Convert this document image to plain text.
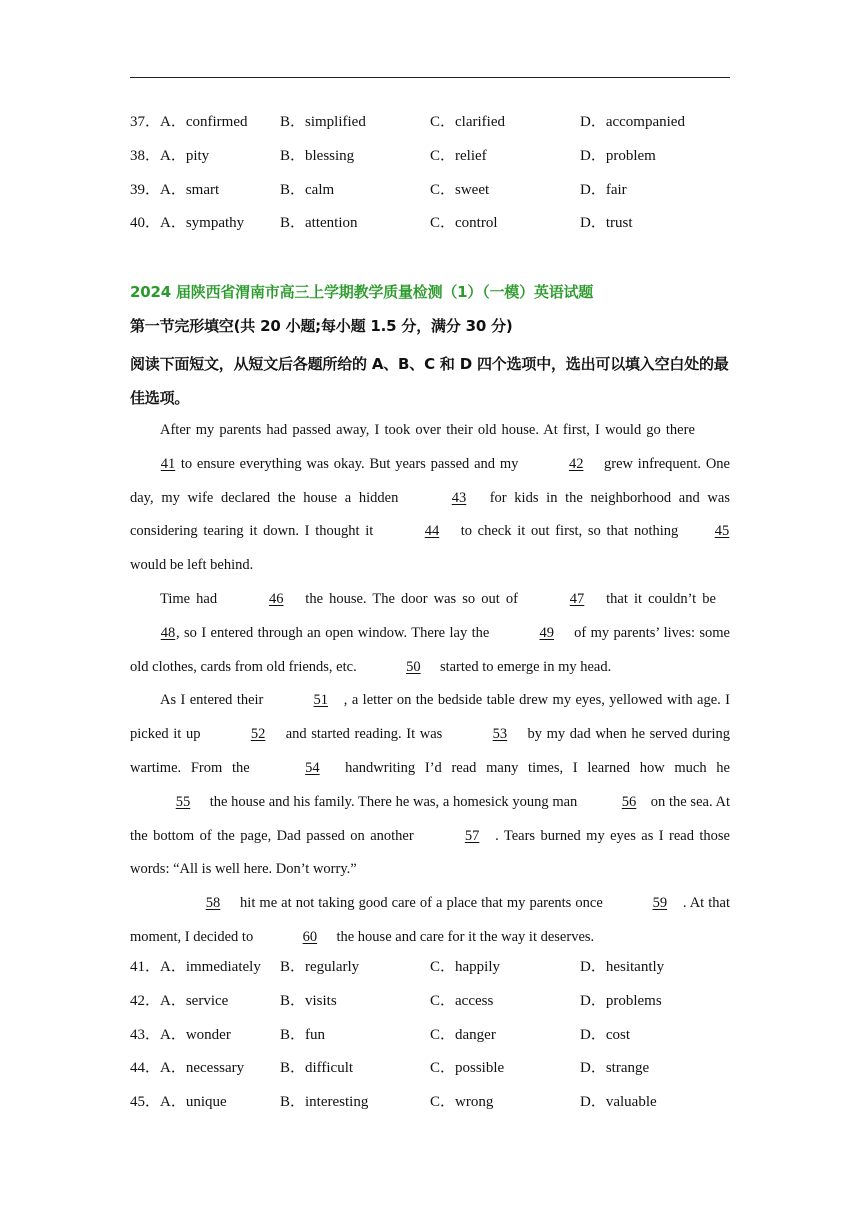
37．A．confirmed B．simplified	C．clarified	D．accompanied
38．A．pity	B．blessing	C．relief	D．problem
39．A．smart	B．calm	C．sweet	D．fair
40．A．sympathy B．attention	C．control	D．trust
2024 届陕西省渭南市高三上学期教学质量检测（1）（一模）英语试题
第一节完形填空(共 20 小题;每小题 1.5 分，满分 30 分)
阅读下面短文，从短文后各题所给的 A、B、C 和 D 四个选项中，选出可以填入空白处的最佳选项。

After my parents had passed away, I took over their old house. At first, I would go there 41 to ensure everything was okay. But years passed and my	42 grew infrequent. One day, my wife declared the house a hidden	43 for kids in the neighborhood and was considering tearing it down. I thought it	44 to check it out first, so that nothing 45 would be left behind.

Time had	46 the house. The door was so out of	47 that it couldn’t be 48, so I entered through an open window. There lay the	49 of my parents’ lives: some old clothes, cards from old friends, etc.	50 started to emerge in my head.

As I entered their	51 , a letter on the bedside table drew my eyes, yellowed with age. I picked it up	52 and started reading. It was	53 by my dad when he served during wartime. From the	54 handwriting I’d read many times, I learned how much he 55 the house and his family. There he was, a homesick young man	56 on the sea. At the bottom of the page, Dad passed on another	57 . Tears burned my eyes as I read those words: “All is well here. Don’t worry.”

58 hit me at not taking good care of a place that my parents once	59 . At that moment, I decided to	60 the house and care for it the way it deserves.

41．A．immediately B．regularly	C．happily	D．hesitantly
42．A．service	B．visits	C．access	D．problems
43．A．wonder	B．fun	C．danger	D．cost
44．A．necessary B．difficult	C．possible	D．strange
45．A．unique	B．interesting	C．wrong	D．valuable
